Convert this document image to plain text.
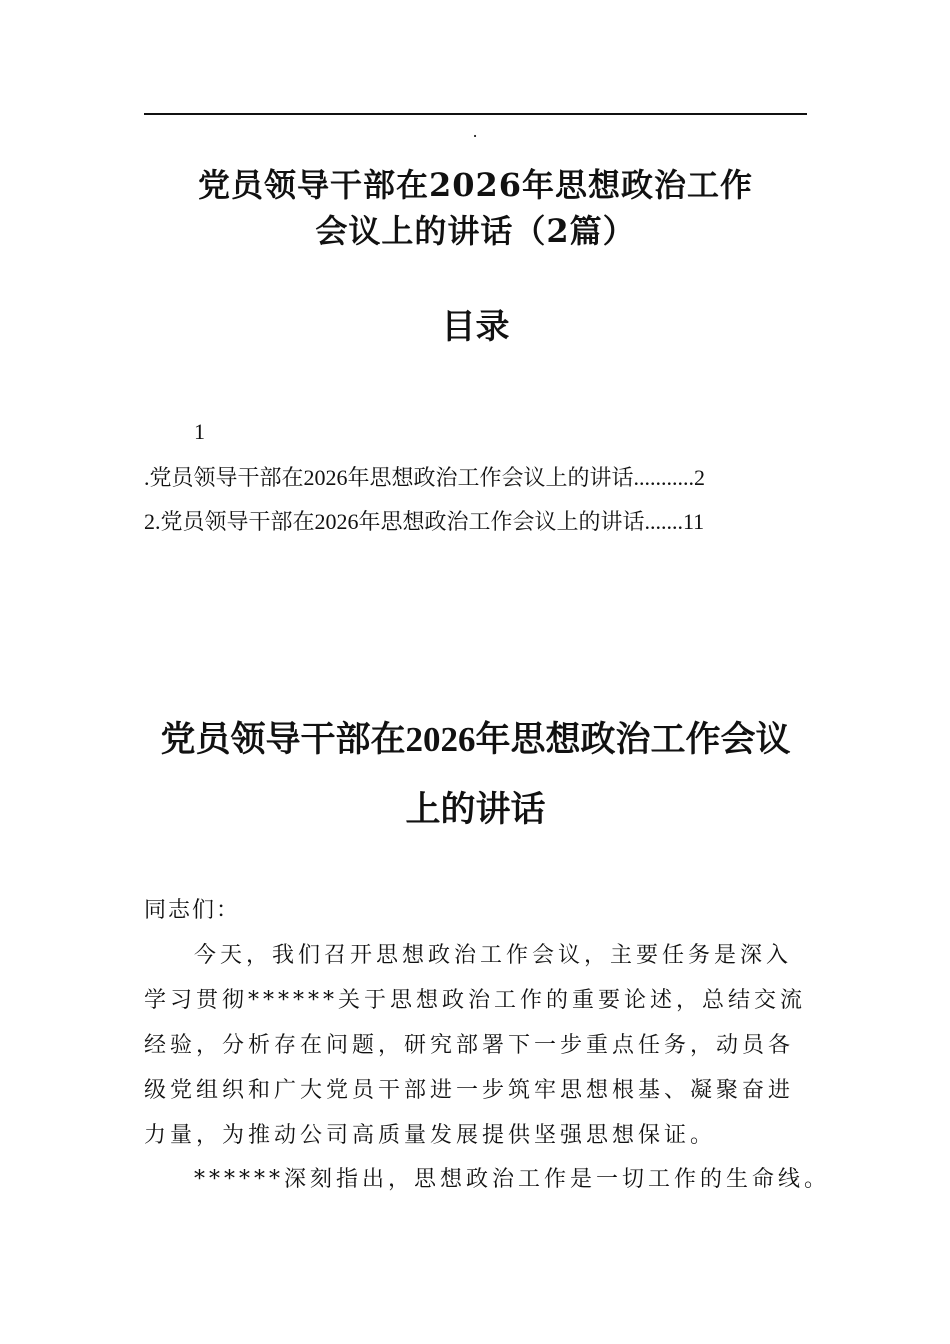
.
党员领导干部在2026年思想政治工作
会议上的讲话（2篇）
目录
1
.党员领导干部在2026年思想政治工作会议上的讲话...........2
2.党员领导干部在2026年思想政治工作会议上的讲话.......11
党员领导干部在2026年思想政治工作会议
上的讲话
同志们：
今天，我们召开思想政治工作会议，主要任务是深入
学习贯彻******关于思想政治工作的重要论述，总结交流
经验，分析存在问题，研究部署下一步重点任务，动员各
级党组织和广大党员干部进一步筑牢思想根基、凝聚奋进
力量，为推动公司高质量发展提供坚强思想保证。
******深刻指出，思想政治工作是一切工作的生命线。
